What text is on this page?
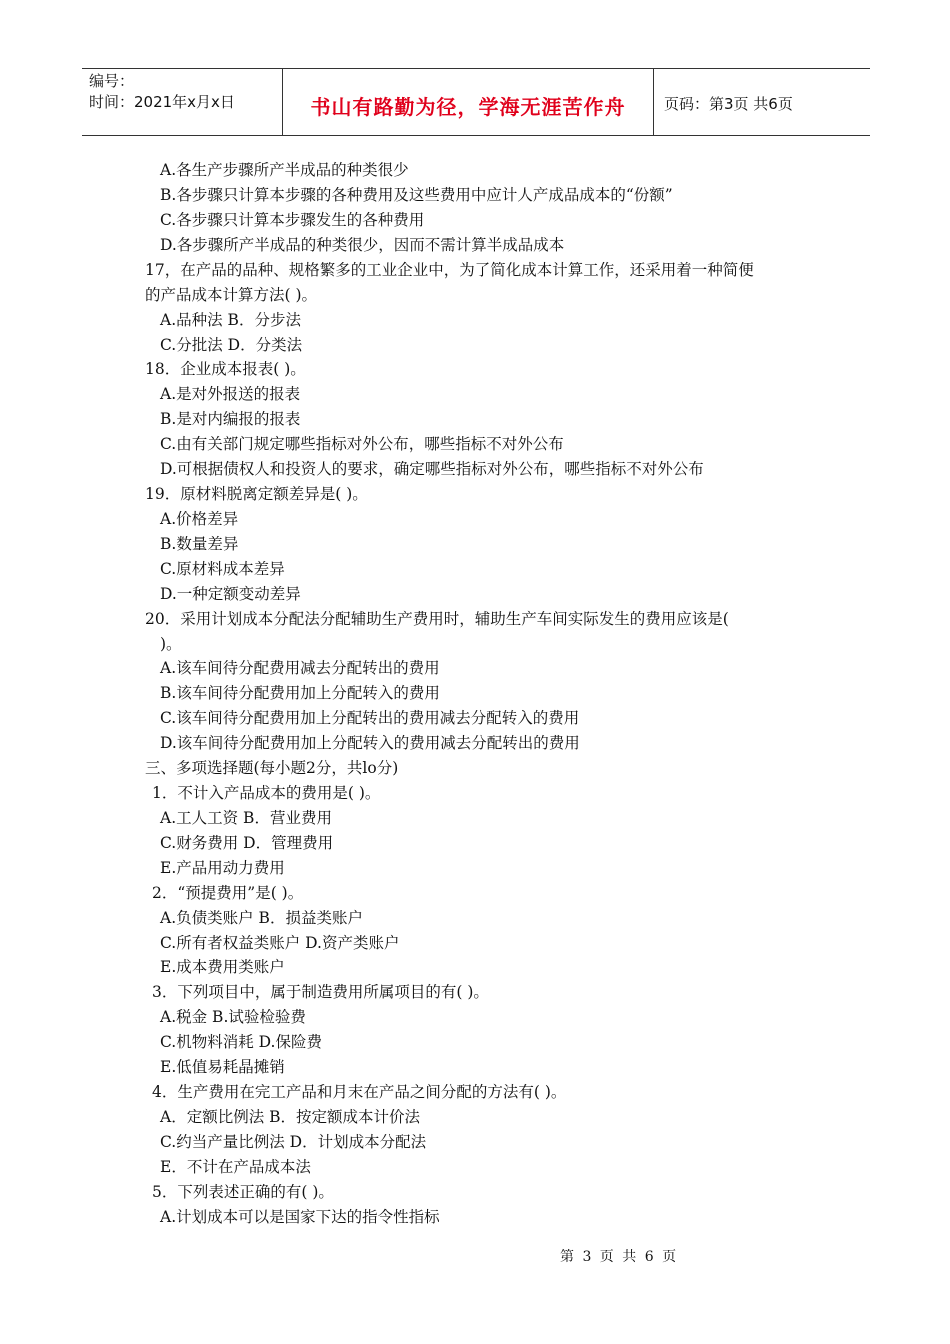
编号：
时间：2021年x月x日	书山有路勤为径，学海无涯苦作舟	页码：第3页 共6页
A.各生产步骤所产半成品的种类很少
B.各步骤只计算本步骤的各种费用及这些费用中应计人产成品成本的“份额”
C.各步骤只计算本步骤发生的各种费用
D.各步骤所产半成品的种类很少，因而不需计算半成品成本
17，在产品的品种、规格繁多的工业企业中，为了简化成本计算工作，还采用着一种简便
的产品成本计算方法( )。
A.品种法 B．分步法
C.分批法 D．分类法
18．企业成本报表( )。
A.是对外报送的报表
B.是对内编报的报表
C.由有关部门规定哪些指标对外公布，哪些指标不对外公布
D.可根据债权人和投资人的要求，确定哪些指标对外公布，哪些指标不对外公布
19．原材料脱离定额差异是( )。
A.价格差异
B.数量差异
C.原材料成本差异
D.一种定额变动差异
20．采用计划成本分配法分配辅助生产费用时，辅助生产车间实际发生的费用应该是(
)。
A.该车间待分配费用减去分配转出的费用
B.该车间待分配费用加上分配转入的费用
C.该车间待分配费用加上分配转出的费用减去分配转入的费用
D.该车间待分配费用加上分配转入的费用减去分配转出的费用
三、多项选择题(每小题2分，共lo分)
1．不计入产品成本的费用是( )。
A.工人工资 B．营业费用
C.财务费用 D．管理费用
E.产品用动力费用
2．“预提费用”是( )。
A.负债类账户 B．损益类账户
C.所有者权益类账户 D.资产类账户
E.成本费用类账户
3．下列项目中，属于制造费用所属项目的有( )。
A.税金 B.试验检验费
C.机物料消耗 D.保险费
E.低值易耗晶摊销
4．生产费用在完工产品和月末在产品之间分配的方法有( )。
A．定额比例法 B．按定额成本计价法
C.约当产量比例法 D．计划成本分配法
E．不计在产品成本法
5．下列表述正确的有( )。
A.计划成本可以是国家下达的指令性指标
第 3 页 共 6 页
